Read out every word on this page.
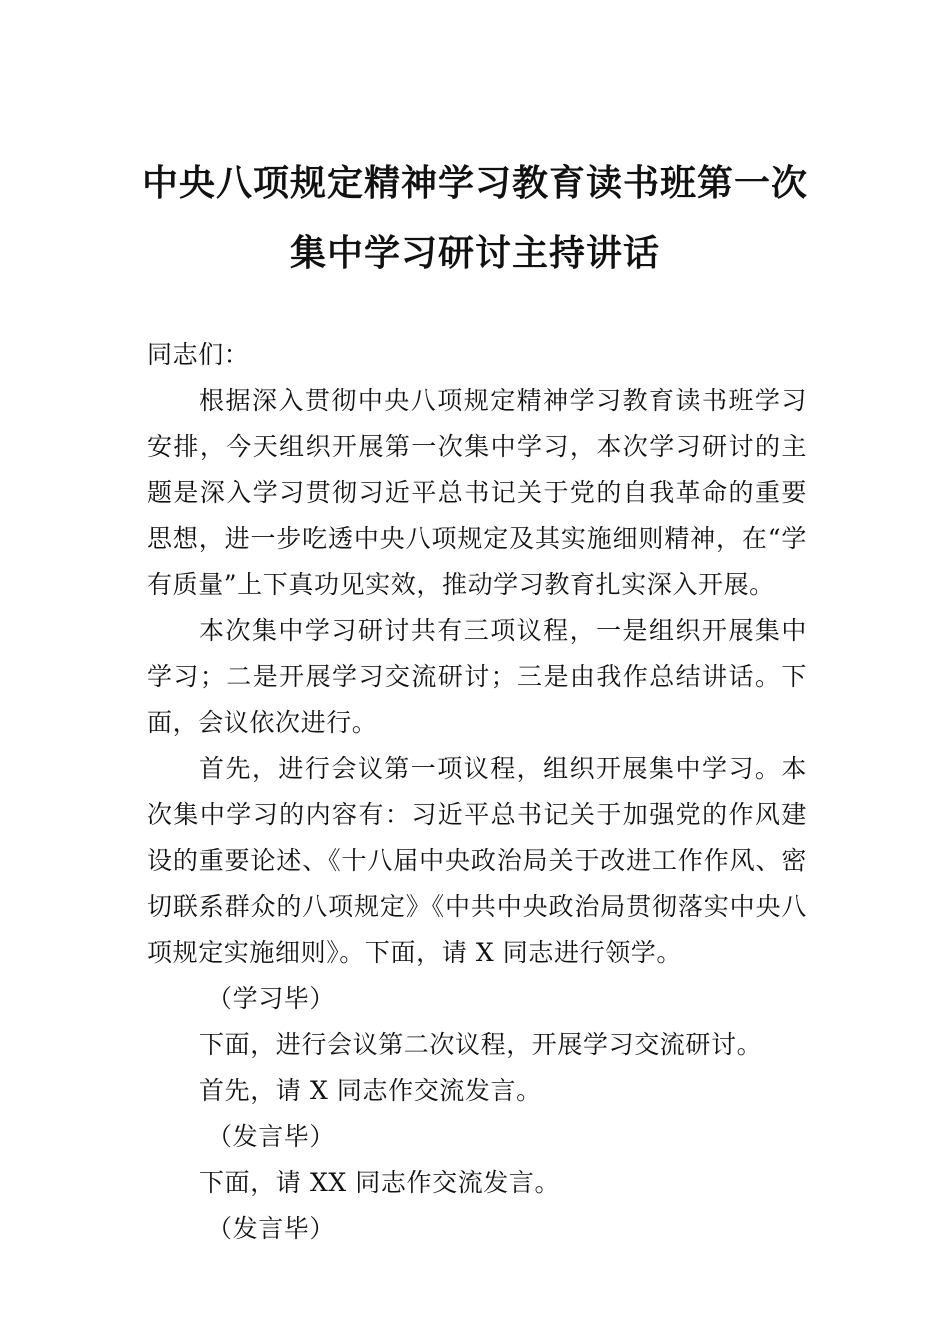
中央八项规定精神学习教育读书班第一次
集中学习研讨主持讲话

同志们：

根据深入贯彻中央八项规定精神学习教育读书班学习安排，今天组织开展第一次集中学习，本次学习研讨的主题是深入学习贯彻习近平总书记关于党的自我革命的重要思想，进一步吃透中央八项规定及其实施细则精神，在“学有质量”上下真功见实效，推动学习教育扎实深入开展。

本次集中学习研讨共有三项议程，一是组织开展集中学习；二是开展学习交流研讨；三是由我作总结讲话。下面，会议依次进行。

首先，进行会议第一项议程，组织开展集中学习。本次集中学习的内容有：习近平总书记关于加强党的作风建设的重要论述、《十八届中央政治局关于改进工作作风、密切联系群众的八项规定》《中共中央政治局贯彻落实中央八项规定实施细则》。下面，请 X 同志进行领学。

（学习毕）

下面，进行会议第二次议程，开展学习交流研讨。

首先，请 X 同志作交流发言。

（发言毕）

下面，请 XX 同志作交流发言。

（发言毕）
